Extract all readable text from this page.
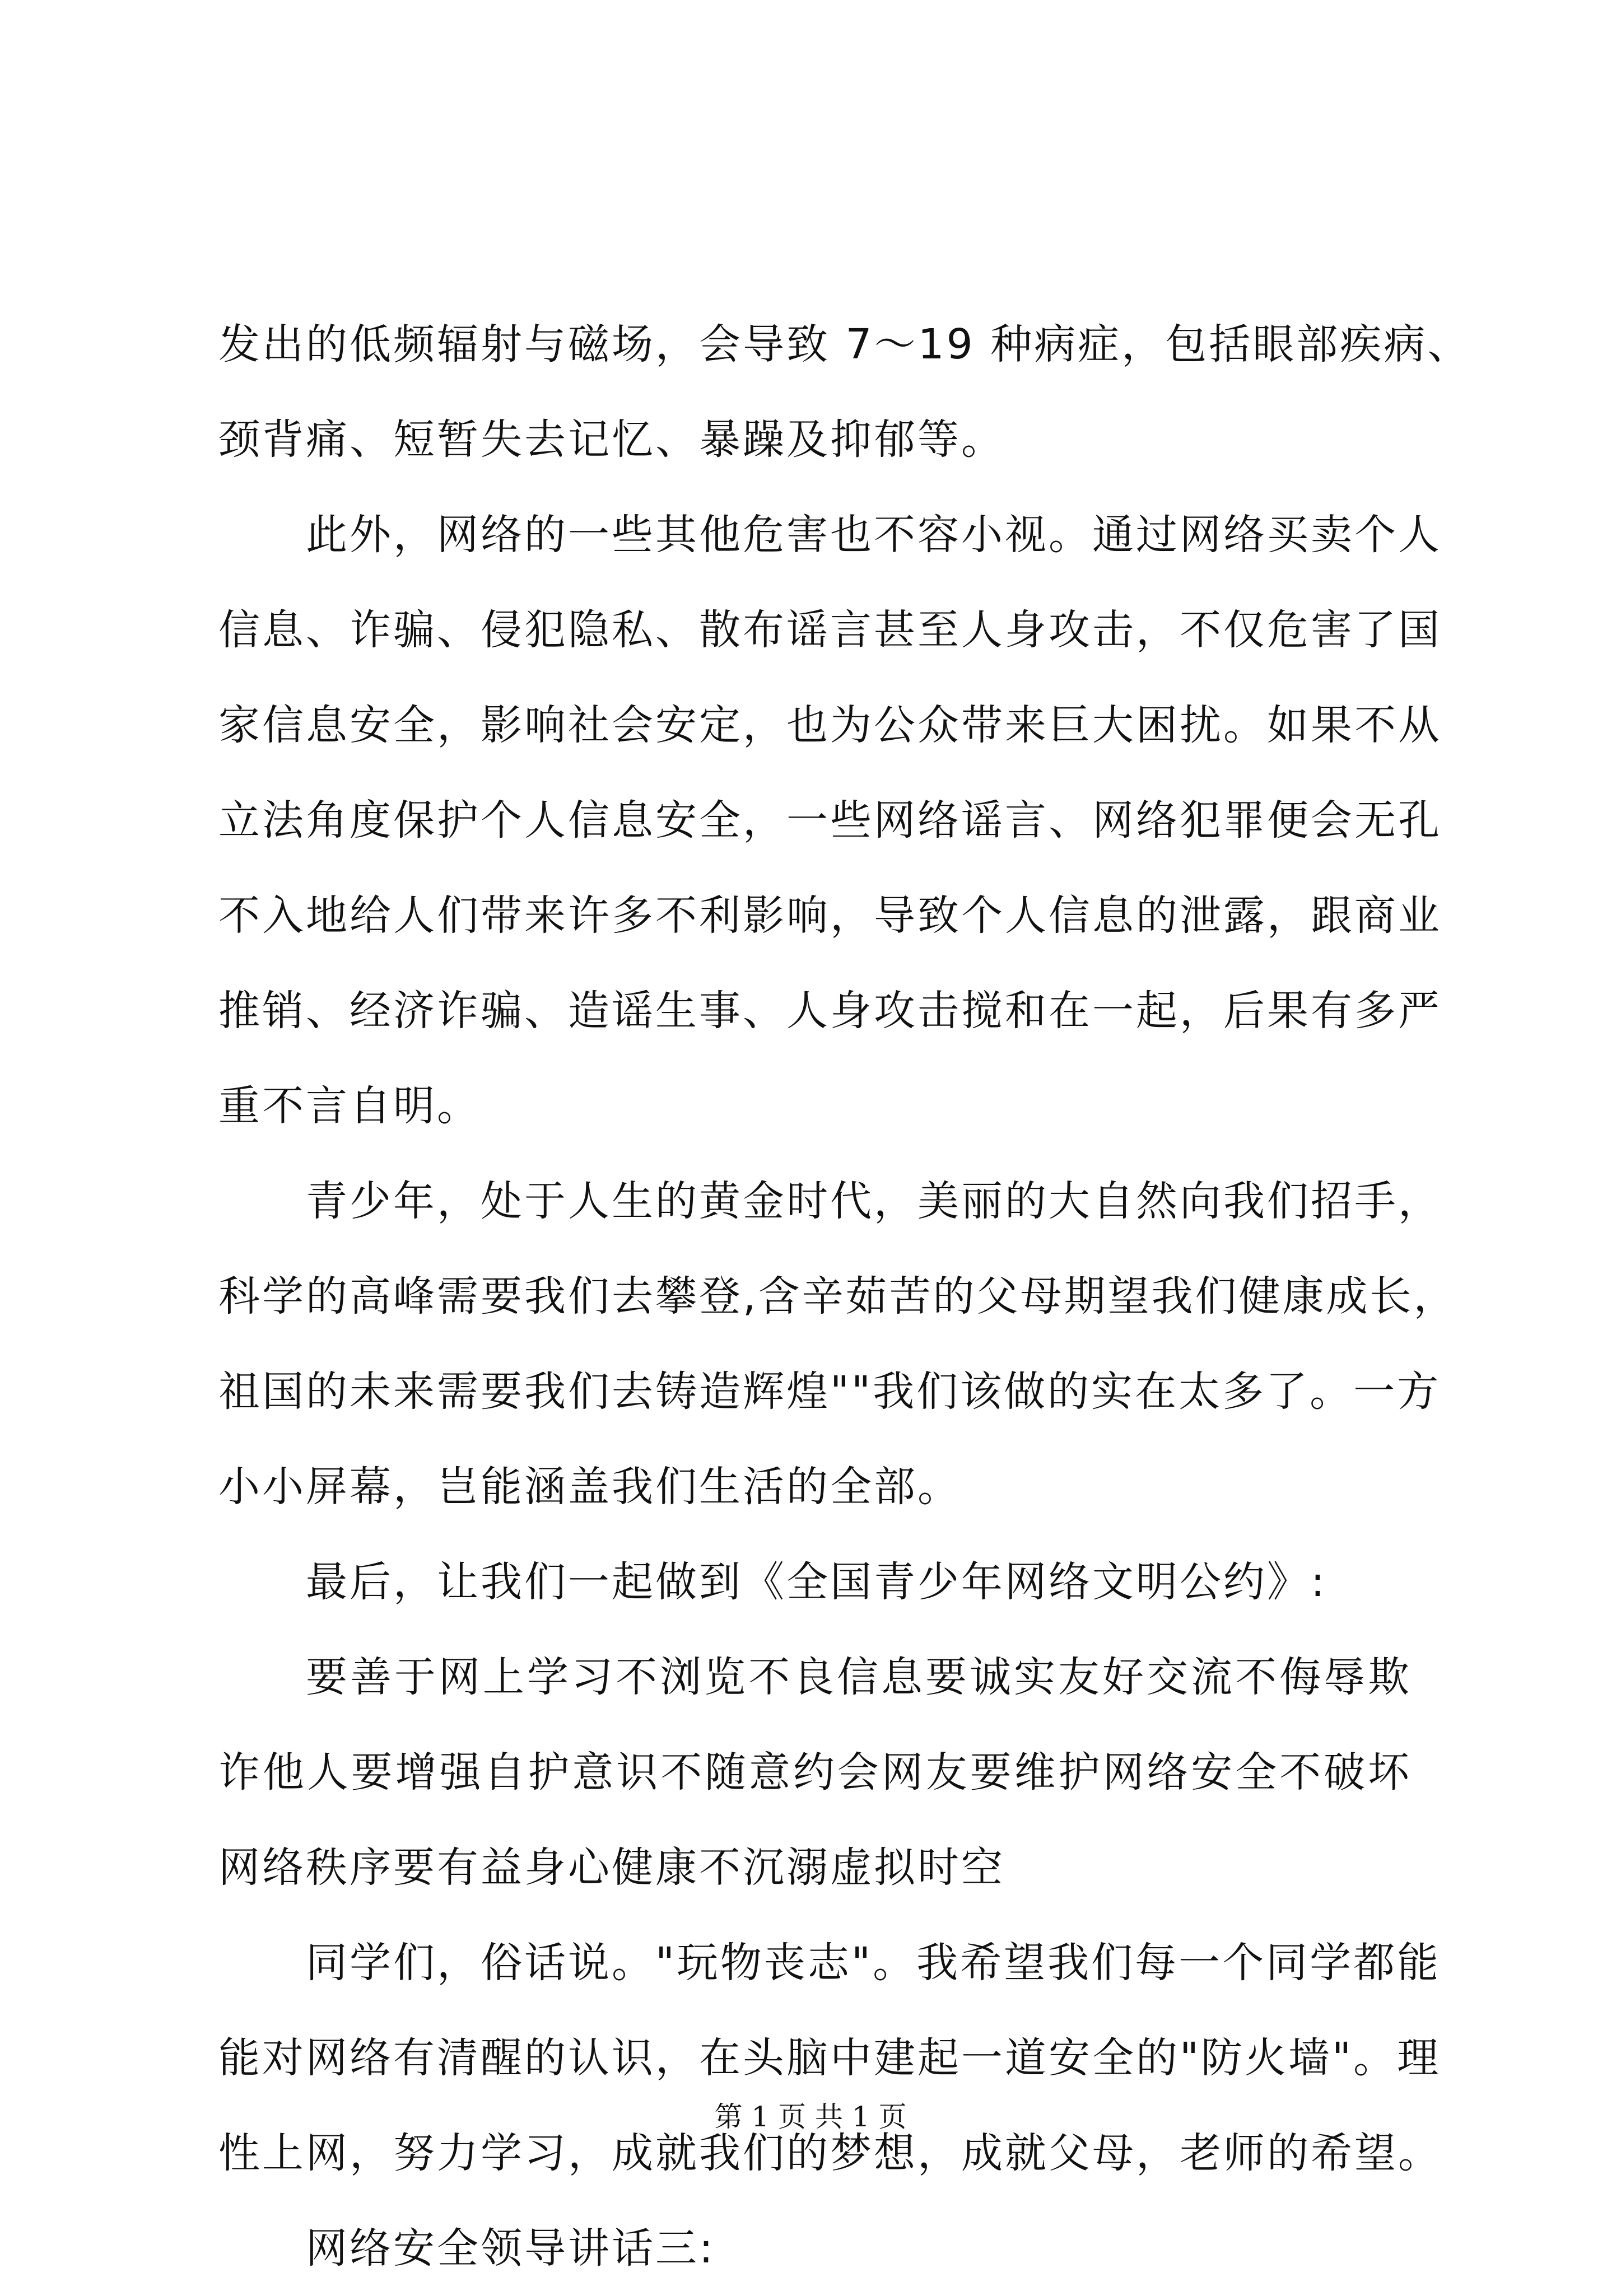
发出的低频辐射与磁场，会导致 7～19 种病症，包括眼部疾病、
颈背痛、短暂失去记忆、暴躁及抑郁等。
此外，网络的一些其他危害也不容小视。通过网络买卖个人
信息、诈骗、侵犯隐私、散布谣言甚至人身攻击，不仅危害了国
家信息安全，影响社会安定，也为公众带来巨大困扰。如果不从
立法角度保护个人信息安全，一些网络谣言、网络犯罪便会无孔
不入地给人们带来许多不利影响，导致个人信息的泄露，跟商业
推销、经济诈骗、造谣生事、人身攻击搅和在一起，后果有多严
重不言自明。
青少年，处于人生的黄金时代，美丽的大自然向我们招手，
科学的高峰需要我们去攀登,含辛茹苦的父母期望我们健康成长，
祖国的未来需要我们去铸造辉煌""我们该做的实在太多了。一方
小小屏幕，岂能涵盖我们生活的全部。
最后，让我们一起做到《全国青少年网络文明公约》:
要善于网上学习不浏览不良信息要诚实友好交流不侮辱欺
诈他人要增强自护意识不随意约会网友要维护网络安全不破坏
网络秩序要有益身心健康不沉溺虚拟时空
同学们，俗话说。"玩物丧志"。我希望我们每一个同学都能
能对网络有清醒的认识，在头脑中建起一道安全的"防火墙"。理
性上网，努力学习，成就我们的梦想，成就父母，老师的希望。
网络安全领导讲话三:
第 1 页 共 1 页
